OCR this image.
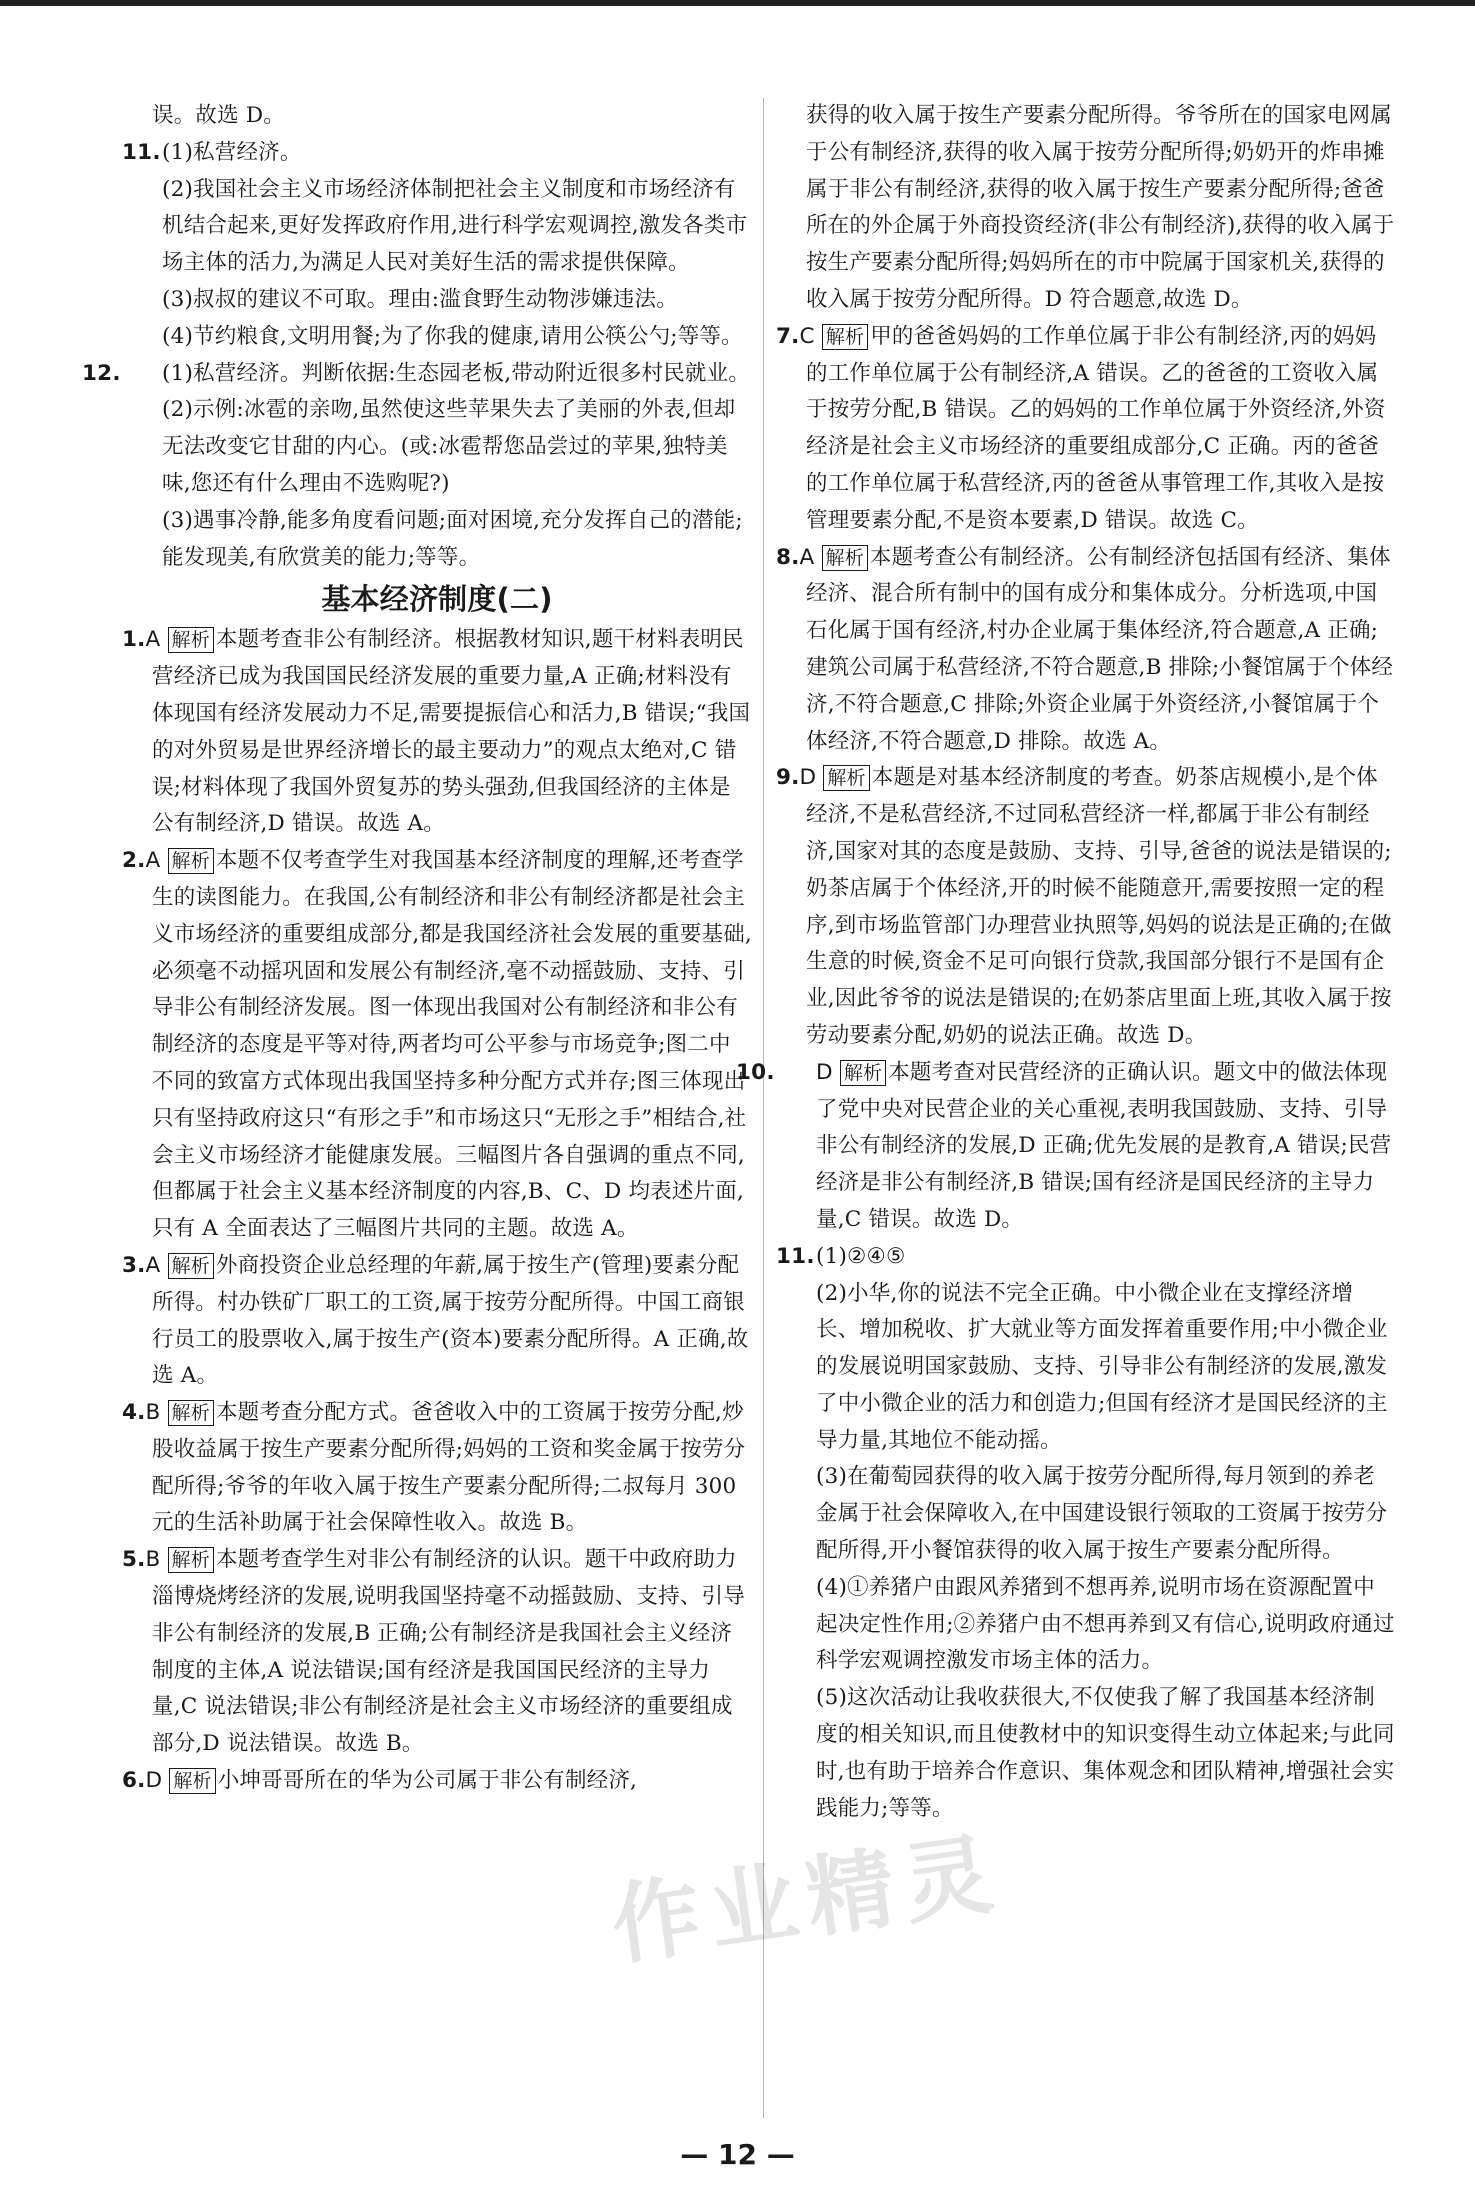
误。故选 D。
11.(1)私营经济。
(2)我国社会主义市场经济体制把社会主义制度和市场经济有机结合起来,更好发挥政府作用,进行科学宏观调控,激发各类市场主体的活力,为满足人民对美好生活的需求提供保障。
(3)叔叔的建议不可取。理由:滥食野生动物涉嫌违法。
(4)节约粮食,文明用餐;为了你我的健康,请用公筷公勺;等等。
12. (1)私营经济。判断依据:生态园老板,带动附近很多村民就业。
(2)示例:冰雹的亲吻,虽然使这些苹果失去了美丽的外表,但却无法改变它甘甜的内心。(或:冰雹帮您品尝过的苹果,独特美味,您还有什么理由不选购呢?)
(3)遇事冷静,能多角度看问题;面对困境,充分发挥自己的潜能;能发现美,有欣赏美的能力;等等。
基本经济制度(二)
1.A 解析 本题考查非公有制经济。根据教材知识,题干材料表明民营经济已成为我国国民经济发展的重要力量,A 正确;材料没有体现国有经济发展动力不足,需要提振信心和活力,B 错误;“我国的对外贸易是世界经济增长的最主要动力”的观点太绝对,C 错误;材料体现了我国外贸复苏的势头强劲,但我国经济的主体是公有制经济,D 错误。故选 A。
2.A 解析 本题不仅考查学生对我国基本经济制度的理解,还考查学生的读图能力。在我国,公有制经济和非公有制经济都是社会主义市场经济的重要组成部分,都是我国经济社会发展的重要基础,必须毫不动摇巩固和发展公有制经济,毫不动摇鼓励、支持、引导非公有制经济发展。图一体现出我国对公有制经济和非公有制经济的态度是平等对待,两者均可公平参与市场竞争;图二中不同的致富方式体现出我国坚持多种分配方式并存;图三体现出只有坚持政府这只“有形之手”和市场这只“无形之手”相结合,社会主义市场经济才能健康发展。三幅图片各自强调的重点不同,但都属于社会主义基本经济制度的内容,B、C、D 均表述片面,只有 A 全面表达了三幅图片共同的主题。故选 A。
3.A 解析 外商投资企业总经理的年薪,属于按生产(管理)要素分配所得。村办铁矿厂职工的工资,属于按劳分配所得。中国工商银行员工的股票收入,属于按生产(资本)要素分配所得。A 正确,故选 A。
4.B 解析 本题考查分配方式。爸爸收入中的工资属于按劳分配,炒股收益属于按生产要素分配所得;妈妈的工资和奖金属于按劳分配所得;爷爷的年收入属于按生产要素分配所得;二叔每月 300 元的生活补助属于社会保障性收入。故选 B。
5.B 解析 本题考查学生对非公有制经济的认识。题干中政府助力淄博烧烤经济的发展,说明我国坚持毫不动摇鼓励、支持、引导非公有制经济的发展,B 正确;公有制经济是我国社会主义经济制度的主体,A 说法错误;国有经济是我国国民经济的主导力量,C 说法错误;非公有制经济是社会主义市场经济的重要组成部分,D 说法错误。故选 B。
6.D 解析 小坤哥哥所在的华为公司属于非公有制经济,
获得的收入属于按生产要素分配所得。爷爷所在的国家电网属于公有制经济,获得的收入属于按劳分配所得;奶奶开的炸串摊属于非公有制经济,获得的收入属于按生产要素分配所得;爸爸所在的外企属于外商投资经济(非公有制经济),获得的收入属于按生产要素分配所得;妈妈所在的市中院属于国家机关,获得的收入属于按劳分配所得。D 符合题意,故选 D。
7.C 解析 甲的爸爸妈妈的工作单位属于非公有制经济,丙的妈妈的工作单位属于公有制经济,A 错误。乙的爸爸的工资收入属于按劳分配,B 错误。乙的妈妈的工作单位属于外资经济,外资经济是社会主义市场经济的重要组成部分,C 正确。丙的爸爸的工作单位属于私营经济,丙的爸爸从事管理工作,其收入是按管理要素分配,不是资本要素,D 错误。故选 C。
8.A 解析 本题考查公有制经济。公有制经济包括国有经济、集体经济、混合所有制中的国有成分和集体成分。分析选项,中国石化属于国有经济,村办企业属于集体经济,符合题意,A 正确;建筑公司属于私营经济,不符合题意,B 排除;小餐馆属于个体经济,不符合题意,C 排除;外资企业属于外资经济,小餐馆属于个体经济,不符合题意,D 排除。故选 A。
9.D 解析 本题是对基本经济制度的考查。奶茶店规模小,是个体经济,不是私营经济,不过同私营经济一样,都属于非公有制经济,国家对其的态度是鼓励、支持、引导,爸爸的说法是错误的;奶茶店属于个体经济,开的时候不能随意开,需要按照一定的程序,到市场监管部门办理营业执照等,妈妈的说法是正确的;在做生意的时候,资金不足可向银行贷款,我国部分银行不是国有企业,因此爷爷的说法是错误的;在奶茶店里面上班,其收入属于按劳动要素分配,奶奶的说法正确。故选 D。
10. D 解析 本题考查对民营经济的正确认识。题文中的做法体现了党中央对民营企业的关心重视,表明我国鼓励、支持、引导非公有制经济的发展,D 正确;优先发展的是教育,A 错误;民营经济是非公有制经济,B 错误;国有经济是国民经济的主导力量,C 错误。故选 D。
11.(1)②④⑤
(2)小华,你的说法不完全正确。中小微企业在支撑经济增长、增加税收、扩大就业等方面发挥着重要作用;中小微企业的发展说明国家鼓励、支持、引导非公有制经济的发展,激发了中小微企业的活力和创造力;但国有经济才是国民经济的主导力量,其地位不能动摇。
(3)在葡萄园获得的收入属于按劳分配所得,每月领到的养老金属于社会保障收入,在中国建设银行领取的工资属于按劳分配所得,开小餐馆获得的收入属于按生产要素分配所得。
(4)①养猪户由跟风养猪到不想再养,说明市场在资源配置中起决定性作用;②养猪户由不想再养到又有信心,说明政府通过科学宏观调控激发市场主体的活力。
(5)这次活动让我收获很大,不仅使我了解了我国基本经济制度的相关知识,而且使教材中的知识变得生动立体起来;与此同时,也有助于培养合作意识、集体观念和团队精神,增强社会实践能力;等等。
作业精灵
— 12 —
